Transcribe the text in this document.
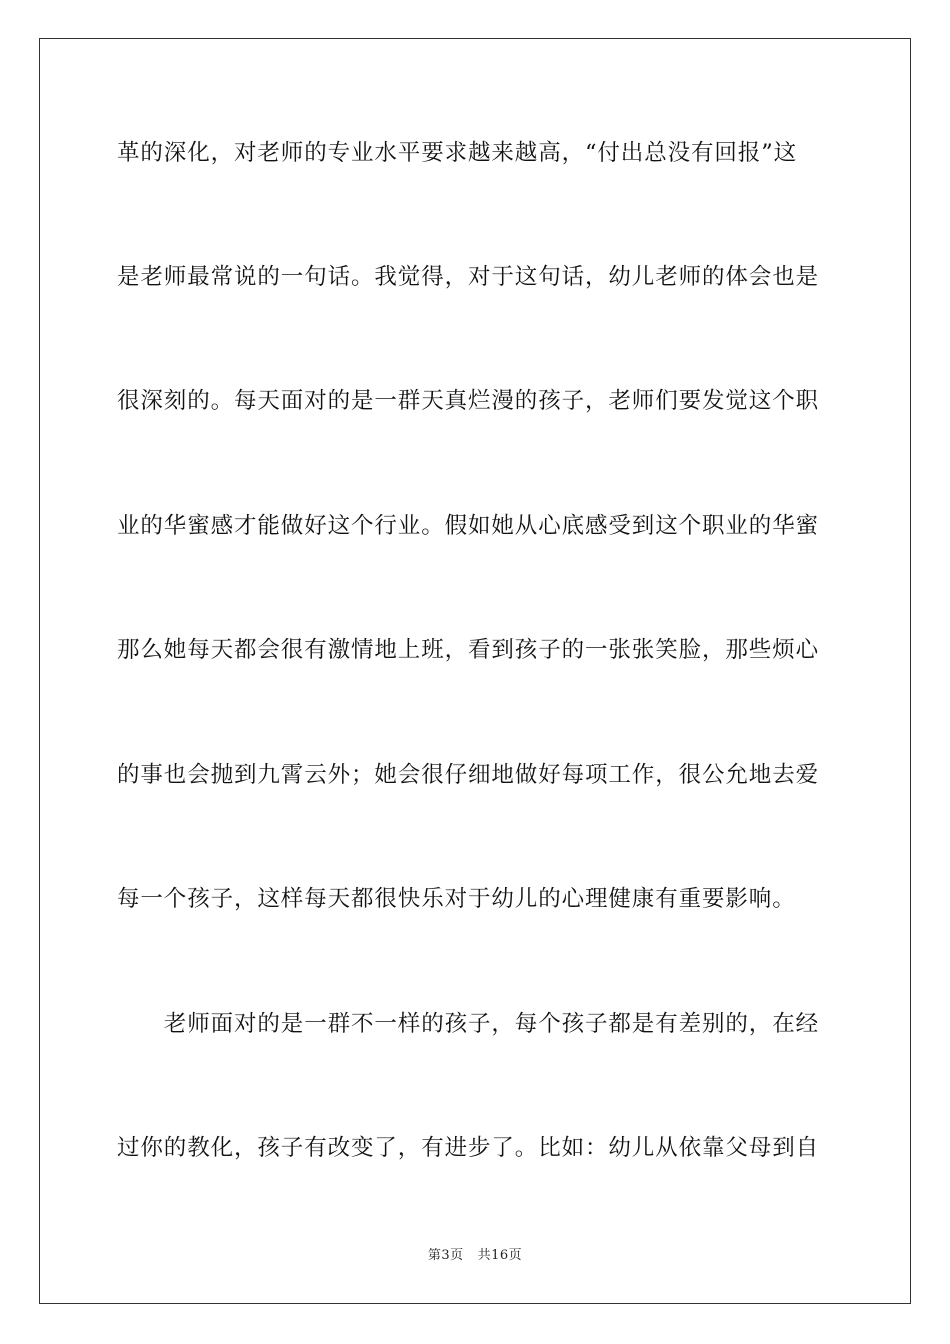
革的深化，对老师的专业水平要求越来越高，“付出总没有回报”这
是老师最常说的一句话。我觉得，对于这句话，幼儿老师的体会也是
很深刻的。每天面对的是一群天真烂漫的孩子，老师们要发觉这个职
业的华蜜感才能做好这个行业。假如她从心底感受到这个职业的华蜜
那么她每天都会很有激情地上班，看到孩子的一张张笑脸，那些烦心
的事也会抛到九霄云外；她会很仔细地做好每项工作，很公允地去爱
每一个孩子，这样每天都很快乐对于幼儿的心理健康有重要影响。
　　老师面对的是一群不一样的孩子，每个孩子都是有差别的，在经
过你的教化，孩子有改变了，有进步了。比如：幼儿从依靠父母到自
第3页 共16页
